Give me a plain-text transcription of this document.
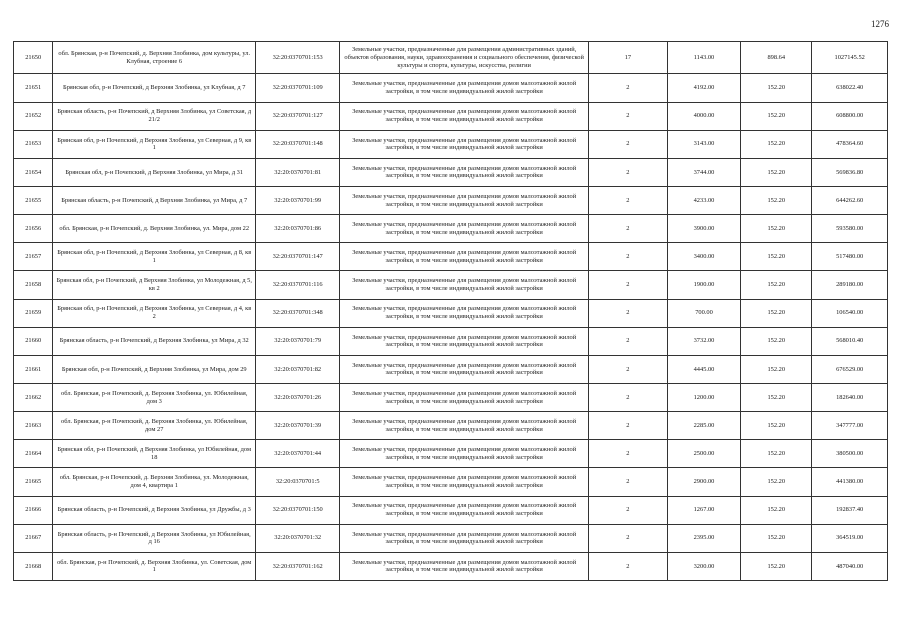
1276
21650	обл. Брянская, р-н Почепский, д. Верхняя Злобинка, дом культуры, ул. Клубная, строение 6	32:20:0370701:153	Земельные участки, предназначенные для размещения административных зданий, объектов образования, науки, здравоохранения и социального обеспечения, физической культуры и спорта, культуры, искусства, религии	17	1143.00	898.64	1027145.52
21651	Брянская обл, р-н Почепский, д Верхняя Злобинка, ул Клубная, д 7	32:20:0370701:109	Земельные участки, предназначенные для размещения домов малоэтажной жилой застройки, в том числе индивидуальной жилой застройки	2	4192.00	152.20	638022.40
21652	Брянская область, р-н Почепский, д Верхняя Злобинка, ул Советская, д 21/2	32:20:0370701:127	Земельные участки, предназначенные для размещения домов малоэтажной жилой застройки, в том числе индивидуальной жилой застройки	2	4000.00	152.20	608800.00
21653	Брянская обл, р-н Почепский, д Верхняя Злобинка, ул Северная, д 9, кв 1	32:20:0370701:148	Земельные участки, предназначенные для размещения домов малоэтажной жилой застройки, в том числе индивидуальной жилой застройки	2	3143.00	152.20	478364.60
21654	Брянская обл, р-н Почепский, д Верхняя Злобинка, ул Мира, д 31	32:20:0370701:81	Земельные участки, предназначенные для размещения домов малоэтажной жилой застройки, в том числе индивидуальной жилой застройки	2	3744.00	152.20	569836.80
21655	Брянская область, р-н Почепский, д Верхняя Злобинка, ул Мира, д 7	32:20:0370701:99	Земельные участки, предназначенные для размещения домов малоэтажной жилой застройки, в том числе индивидуальной жилой застройки	2	4233.00	152.20	644262.60
21656	обл. Брянская, р-н Почепский, д. Верхняя Злобинка, ул. Мира, дом 22	32:20:0370701:86	Земельные участки, предназначенные для размещения домов малоэтажной жилой застройки, в том числе индивидуальной жилой застройки	2	3900.00	152.20	593580.00
21657	Брянская обл, р-н Почепский, д Верхняя Злобинка, ул Северная, д 8, кв 1	32:20:0370701:147	Земельные участки, предназначенные для размещения домов малоэтажной жилой застройки, в том числе индивидуальной жилой застройки	2	3400.00	152.20	517480.00
21658	Брянская обл, р-н Почепский, д Верхняя Злобинка, ул Молодежная, д 5, кв 2	32:20:0370701:116	Земельные участки, предназначенные для размещения домов малоэтажной жилой застройки, в том числе индивидуальной жилой застройки	2	1900.00	152.20	289180.00
21659	Брянская обл, р-н Почепский, д Верхняя Злобинка, ул Северная, д 4, кв 2	32:20:0370701:348	Земельные участки, предназначенные для размещения домов малоэтажной жилой застройки, в том числе индивидуальной жилой застройки	2	700.00	152.20	106540.00
21660	Брянская область, р-н Почепский, д Верхняя Злобинка, ул Мира, д 32	32:20:0370701:79	Земельные участки, предназначенные для размещения домов малоэтажной жилой застройки, в том числе индивидуальной жилой застройки	2	3732.00	152.20	568010.40
21661	Брянская обл, р-н Почепский, д Верхняя Злобинка, ул Мира, дом 29	32:20:0370701:82	Земельные участки, предназначенные для размещения домов малоэтажной жилой застройки, в том числе индивидуальной жилой застройки	2	4445.00	152.20	676529.00
21662	обл. Брянская, р-н Почепский, д. Верхняя Злобинка, ул. Юбилейная, дом 3	32:20:0370701:26	Земельные участки, предназначенные для размещения домов малоэтажной жилой застройки, в том числе индивидуальной жилой застройки	2	1200.00	152.20	182640.00
21663	обл. Брянская, р-н Почепский, д. Верхняя Злобинка, ул. Юбилейная, дом 27	32:20:0370701:39	Земельные участки, предназначенные для размещения домов малоэтажной жилой застройки, в том числе индивидуальной жилой застройки	2	2285.00	152.20	347777.00
21664	Брянская обл, р-н Почепский, д Верхняя Злобинка, ул Юбилейная, дом 18	32:20:0370701:44	Земельные участки, предназначенные для размещения домов малоэтажной жилой застройки, в том числе индивидуальной жилой застройки	2	2500.00	152.20	380500.00
21665	обл. Брянская, р-н Почепский, д. Верхняя Злобинка, ул. Молодежная, дом 4, квартира 1	32:20:0370701:5	Земельные участки, предназначенные для размещения домов малоэтажной жилой застройки, в том числе индивидуальной жилой застройки	2	2900.00	152.20	441380.00
21666	Брянская область, р-н Почепский, д Верхняя Злобинка, ул Дружбы, д 3	32:20:0370701:150	Земельные участки, предназначенные для размещения домов малоэтажной жилой застройки, в том числе индивидуальной жилой застройки	2	1267.00	152.20	192837.40
21667	Брянская область, р-н Почепский, д Верхняя Злобинка, ул Юбилейная, д 16	32:20:0370701:32	Земельные участки, предназначенные для размещения домов малоэтажной жилой застройки, в том числе индивидуальной жилой застройки	2	2395.00	152.20	364519.00
21668	обл. Брянская, р-н Почепский, д. Верхняя Злобинка, ул. Советская, дом 1	32:20:0370701:162	Земельные участки, предназначенные для размещения домов малоэтажной жилой застройки, в том числе индивидуальной жилой застройки	2	3200.00	152.20	487040.00
